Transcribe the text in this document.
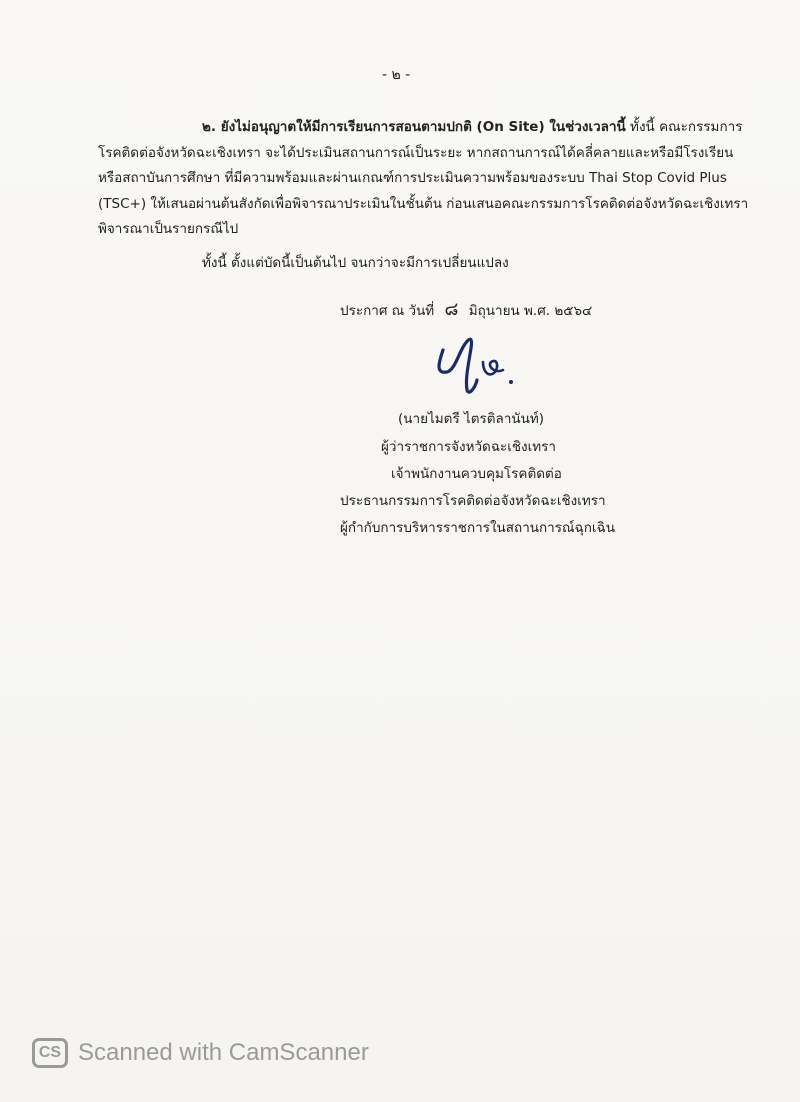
- ๒ -
๒. ยังไม่อนุญาตให้มีการเรียนการสอนตามปกติ (On Site) ในช่วงเวลานี้ ทั้งนี้ คณะกรรมการ
โรคติดต่อจังหวัดฉะเชิงเทรา จะได้ประเมินสถานการณ์เป็นระยะ หากสถานการณ์ได้คลี่คลายและหรือมีโรงเรียน
หรือสถาบันการศึกษา ที่มีความพร้อมและผ่านเกณฑ์การประเมินความพร้อมของระบบ Thai Stop Covid Plus
(TSC+) ให้เสนอผ่านต้นสังกัดเพื่อพิจารณาประเมินในชั้นต้น ก่อนเสนอคณะกรรมการโรคติดต่อจังหวัดฉะเชิงเทรา
พิจารณาเป็นรายกรณีไป
ทั้งนี้ ตั้งแต่บัดนี้เป็นต้นไป จนกว่าจะมีการเปลี่ยนแปลง
ประกาศ ณ วันที่ ๘ มิถุนายน พ.ศ. ๒๕๖๔
(นายไมตรี ไตรติลานันท์)
ผู้ว่าราชการจังหวัดฉะเชิงเทรา
เจ้าพนักงานควบคุมโรคติดต่อ
ประธานกรรมการโรคติดต่อจังหวัดฉะเชิงเทรา
ผู้กำกับการบริหารราชการในสถานการณ์ฉุกเฉิน
CS Scanned with CamScanner
